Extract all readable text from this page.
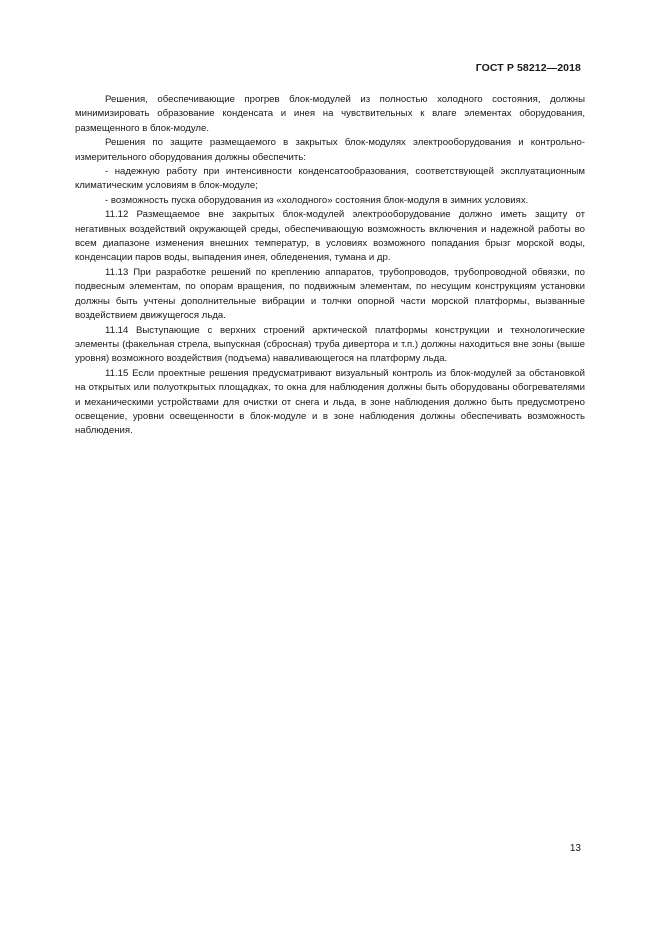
ГОСТ Р 58212—2018

Решения, обеспечивающие прогрев блок-модулей из полностью холодного состояния, должны минимизировать образование конденсата и инея на чувствительных к влаге элементах оборудования, размещенного в блок-модуле.

Решения по защите размещаемого в закрытых блок-модулях электрооборудования и контрольно-измерительного оборудования должны обеспечить:

- надежную работу при интенсивности конденсатообразования, соответствующей эксплуатационным климатическим условиям в блок-модуле;

- возможность пуска оборудования из «холодного» состояния блок-модуля в зимних условиях.

11.12 Размещаемое вне закрытых блок-модулей электрооборудование должно иметь защиту от негативных воздействий окружающей среды, обеспечивающую возможность включения и надежной работы во всем диапазоне изменения внешних температур, в условиях возможного попадания брызг морской воды, конденсации паров воды, выпадения инея, обледенения, тумана и др.

11.13 При разработке решений по креплению аппаратов, трубопроводов, трубопроводной обвязки, по подвесным элементам, по опорам вращения, по подвижным элементам, по несущим конструкциям установки должны быть учтены дополнительные вибрации и толчки опорной части морской платформы, вызванные воздействием движущегося льда.

11.14 Выступающие с верхних строений арктической платформы конструкции и технологические элементы (факельная стрела, выпускная (сбросная) труба дивертора и т.п.) должны находиться вне зоны (выше уровня) возможного воздействия (подъема) наваливающегося на платформу льда.

11.15 Если проектные решения предусматривают визуальный контроль из блок-модулей за обстановкой на открытых или полуоткрытых площадках, то окна для наблюдения должны быть оборудованы обогревателями и механическими устройствами для очистки от снега и льда, в зоне наблюдения должно быть предусмотрено освещение, уровни освещенности в блок-модуле и в зоне наблюдения должны обеспечивать возможность наблюдения.

13
